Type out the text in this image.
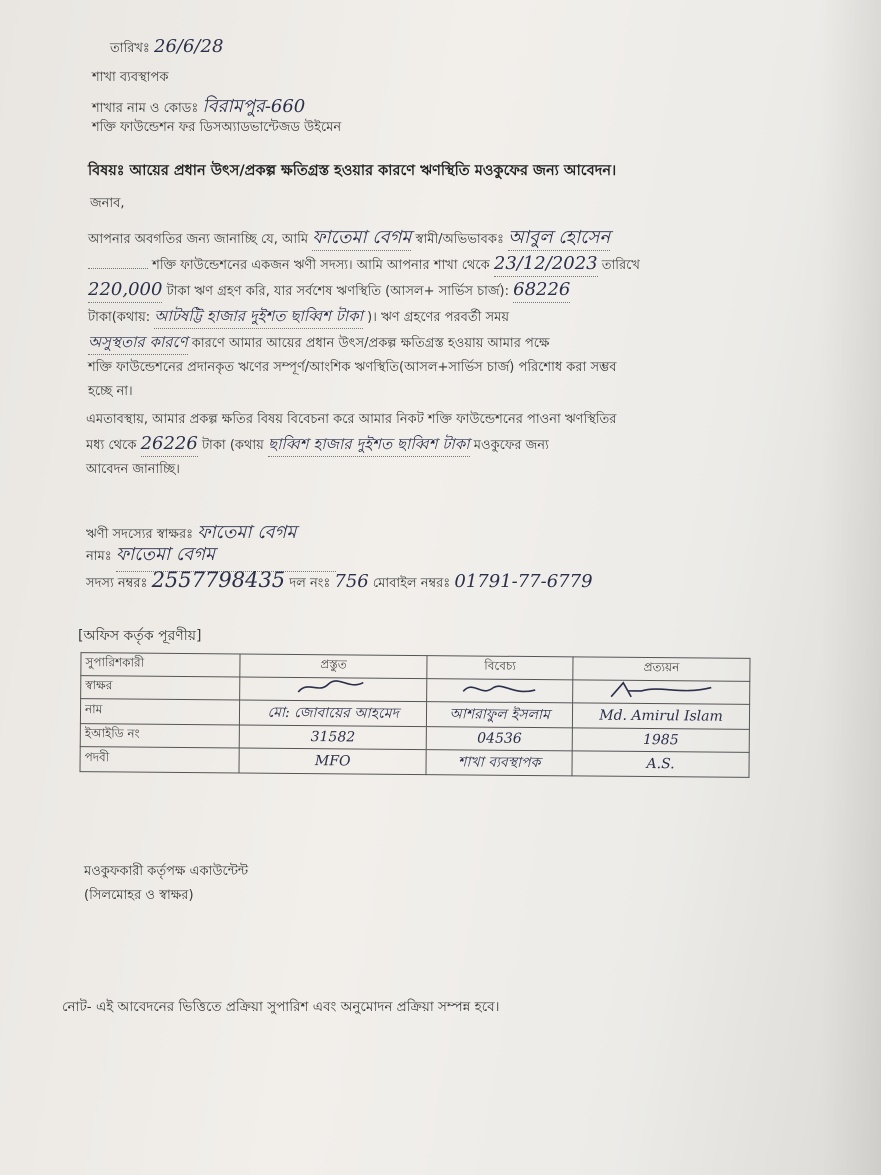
তারিখঃ 26/6/28
শাখা ব্যবস্থাপক
শাখার নাম ও কোডঃ বিরামপুর-660
শক্তি ফাউন্ডেশন ফর ডিসঅ্যাডভান্টেজড উইমেন
বিষয়ঃ আয়ের প্রধান উৎস/প্রকল্প ক্ষতিগ্রস্ত হওয়ার কারণে ঋণস্থিতি মওকুফের জন্য আবেদন।
জনাব,
আপনার অবগতির জন্য জানাচ্ছি যে, আমি ফাতেমা বেগম স্বামী/অভিভাবকঃ আবুল হোসেন
শক্তি ফাউন্ডেশনের একজন ঋণী সদস্য। আমি আপনার শাখা থেকে 23/12/2023 তারিখে
220,000 টাকা ঋণ গ্রহণ করি, যার সর্বশেষ ঋণস্থিতি (আসল+ সার্ভিস চার্জ): 68226
টাকা(কথায়: আটষট্টি হাজার দুইশত ছাব্বিশ টাকা )। ঋণ গ্রহণের পরবর্তী সময়
অসুস্থতার কারণে কারণে আমার আয়ের প্রধান উৎস/প্রকল্প ক্ষতিগ্রস্ত হওয়ায় আমার পক্ষে
শক্তি ফাউন্ডেশনের প্রদানকৃত ঋণের সম্পূর্ণ/আংশিক ঋণস্থিতি(আসল+সার্ভিস চার্জ) পরিশোধ করা সম্ভব
হচ্ছে না।
এমতাবস্থায়, আমার প্রকল্প ক্ষতির বিষয় বিবেচনা করে আমার নিকট শক্তি ফাউন্ডেশনের পাওনা ঋণস্থিতির
মধ্য থেকে 26226 টাকা (কথায় ছাব্বিশ হাজার দুইশত ছাব্বিশ টাকা মওকুফের জন্য
আবেদন জানাচ্ছি।
ঋণী সদস্যের স্বাক্ষরঃ ফাতেমা বেগম
নামঃ ফাতেমা বেগম
সদস্য নম্বরঃ 2557798435 দল নংঃ 756 মোবাইল নম্বরঃ 01791-77-6779
[অফিস কর্তৃক পূরণীয়]
সুপারিশকারী	প্রস্তুত	বিবেচ্য	প্রত্যয়ন
স্বাক্ষর			
নাম	মো: জোবায়ের আহমেদ	আশরাফুল ইসলাম	Md. Amirul Islam
ইআইডি নং	31582	04536	1985
পদবী	MFO	শাখা ব্যবস্থাপক	A.S.
মওকুফকারী কর্তৃপক্ষ একাউন্টেন্ট
(সিলমোহর ও স্বাক্ষর)
নোট- এই আবেদনের ভিত্তিতে প্রক্রিয়া সুপারিশ এবং অনুমোদন প্রক্রিয়া সম্পন্ন হবে।
